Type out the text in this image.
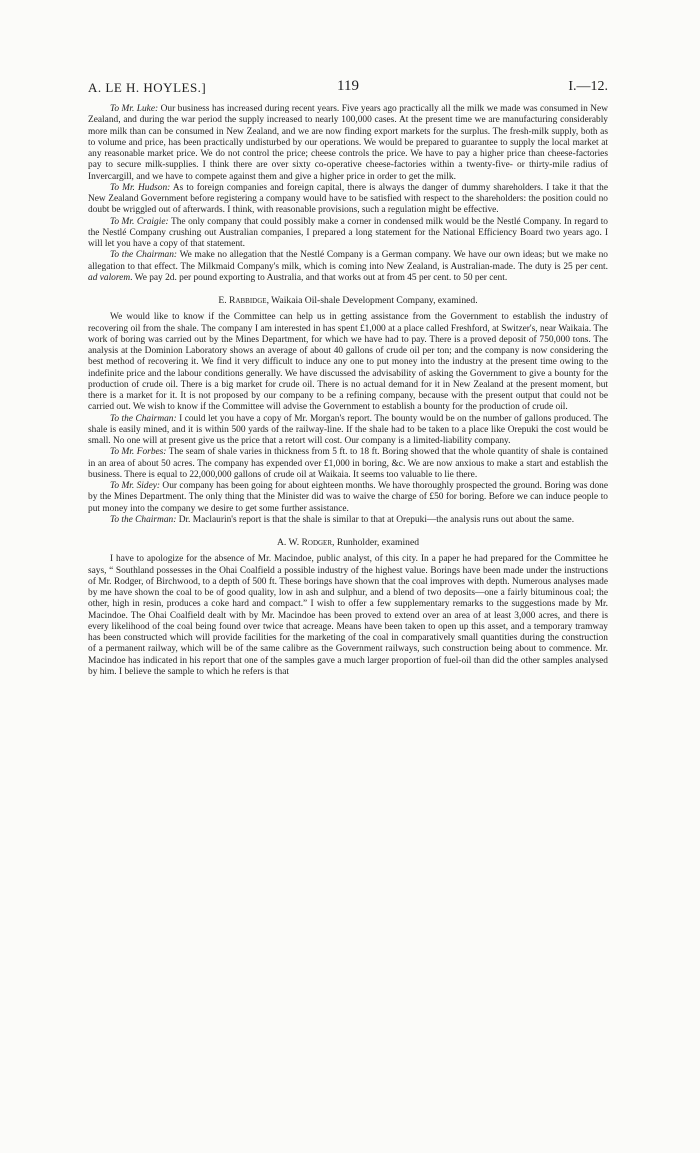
A. LE H. HOYLES.]	119	I.—12.

To Mr. Luke: Our business has increased during recent years. Five years ago practically all the milk we made was consumed in New Zealand, and during the war period the supply increased to nearly 100,000 cases. At the present time we are manufacturing considerably more milk than can be consumed in New Zealand, and we are now finding export markets for the surplus. The fresh-milk supply, both as to volume and price, has been practically undisturbed by our operations. We would be prepared to guarantee to supply the local market at any reasonable market price. We do not control the price; cheese controls the price. We have to pay a higher price than cheese-factories pay to secure milk-supplies. I think there are over sixty co-operative cheese-factories within a twenty-five- or thirty-mile radius of Invercargill, and we have to compete against them and give a higher price in order to get the milk.

To Mr. Hudson: As to foreign companies and foreign capital, there is always the danger of dummy shareholders. I take it that the New Zealand Government before registering a company would have to be satisfied with respect to the shareholders: the position could no doubt be wriggled out of afterwards. I think, with reasonable provisions, such a regulation might be effective.

To Mr. Craigie: The only company that could possibly make a corner in condensed milk would be the Nestlé Company. In regard to the Nestlé Company crushing out Australian companies, I prepared a long statement for the National Efficiency Board two years ago. I will let you have a copy of that statement.

To the Chairman: We make no allegation that the Nestlé Company is a German company. We have our own ideas; but we make no allegation to that effect. The Milkmaid Company's milk, which is coming into New Zealand, is Australian-made. The duty is 25 per cent. ad valorem. We pay 2d. per pound exporting to Australia, and that works out at from 45 per cent. to 50 per cent.

E. Rabbidge, Waikaia Oil-shale Development Company, examined.

We would like to know if the Committee can help us in getting assistance from the Government to establish the industry of recovering oil from the shale. The company I am interested in has spent £1,000 at a place called Freshford, at Switzer's, near Waikaia. The work of boring was carried out by the Mines Department, for which we have had to pay. There is a proved deposit of 750,000 tons. The analysis at the Dominion Laboratory shows an average of about 40 gallons of crude oil per ton; and the company is now considering the best method of recovering it. We find it very difficult to induce any one to put money into the industry at the present time owing to the indefinite price and the labour conditions generally. We have discussed the advisability of asking the Government to give a bounty for the production of crude oil. There is a big market for crude oil. There is no actual demand for it in New Zealand at the present moment, but there is a market for it. It is not proposed by our company to be a refining company, because with the present output that could not be carried out. We wish to know if the Committee will advise the Government to establish a bounty for the production of crude oil.

To the Chairman: I could let you have a copy of Mr. Morgan's report. The bounty would be on the number of gallons produced. The shale is easily mined, and it is within 500 yards of the railway-line. If the shale had to be taken to a place like Orepuki the cost would be small. No one will at present give us the price that a retort will cost. Our company is a limited-liability company.

To Mr. Forbes: The seam of shale varies in thickness from 5 ft. to 18 ft. Boring showed that the whole quantity of shale is contained in an area of about 50 acres. The company has expended over £1,000 in boring, &c. We are now anxious to make a start and establish the business. There is equal to 22,000,000 gallons of crude oil at Waikaia. It seems too valuable to lie there.

To Mr. Sidey: Our company has been going for about eighteen months. We have thoroughly prospected the ground. Boring was done by the Mines Department. The only thing that the Minister did was to waive the charge of £50 for boring. Before we can induce people to put money into the company we desire to get some further assistance.

To the Chairman: Dr. Maclaurin's report is that the shale is similar to that at Orepuki—the analysis runs out about the same.

A. W. Rodger, Runholder, examined

I have to apologize for the absence of Mr. Macindoe, public analyst, of this city. In a paper he had prepared for the Committee he says, “ Southland possesses in the Ohai Coalfield a possible industry of the highest value. Borings have been made under the instructions of Mr. Rodger, of Birchwood, to a depth of 500 ft. These borings have shown that the coal improves with depth. Numerous analyses made by me have shown the coal to be of good quality, low in ash and sulphur, and a blend of two deposits—one a fairly bituminous coal; the other, high in resin, produces a coke hard and compact.” I wish to offer a few supplementary remarks to the suggestions made by Mr. Macindoe. The Ohai Coalfield dealt with by Mr. Macindoe has been proved to extend over an area of at least 3,000 acres, and there is every likelihood of the coal being found over twice that acreage. Means have been taken to open up this asset, and a temporary tramway has been constructed which will provide facilities for the marketing of the coal in comparatively small quantities during the construction of a permanent railway, which will be of the same calibre as the Government railways, such construction being about to commence. Mr. Macindoe has indicated in his report that one of the samples gave a much larger proportion of fuel-oil than did the other samples analysed by him. I believe the sample to which he refers is that
